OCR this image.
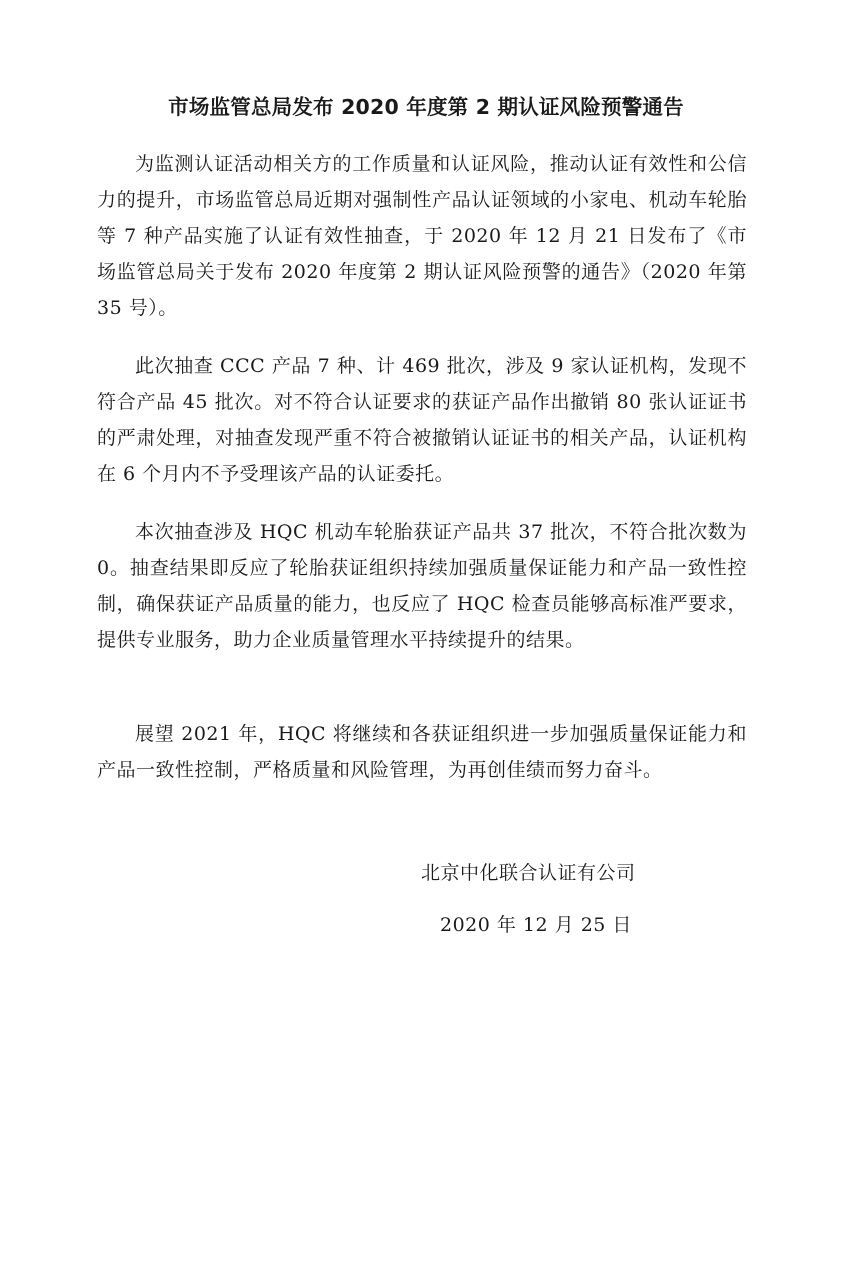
市场监管总局发布 2020 年度第 2 期认证风险预警通告

为监测认证活动相关方的工作质量和认证风险，推动认证有效性和公信力的提升，市场监管总局近期对强制性产品认证领域的小家电、机动车轮胎等 7 种产品实施了认证有效性抽查，于 2020 年 12 月 21 日发布了《市场监管总局关于发布 2020 年度第 2 期认证风险预警的通告》（2020 年第 35 号）。

此次抽查 CCC 产品 7 种、计 469 批次，涉及 9 家认证机构，发现不符合产品 45 批次。对不符合认证要求的获证产品作出撤销 80 张认证证书的严肃处理，对抽查发现严重不符合被撤销认证证书的相关产品，认证机构在 6 个月内不予受理该产品的认证委托。

本次抽查涉及 HQC 机动车轮胎获证产品共 37 批次，不符合批次数为 0。抽查结果即反应了轮胎获证组织持续加强质量保证能力和产品一致性控制，确保获证产品质量的能力，也反应了 HQC 检查员能够高标准严要求，提供专业服务，助力企业质量管理水平持续提升的结果。

展望 2021 年，HQC 将继续和各获证组织进一步加强质量保证能力和产品一致性控制，严格质量和风险管理，为再创佳绩而努力奋斗。

北京中化联合认证有公司

2020 年 12 月 25 日
